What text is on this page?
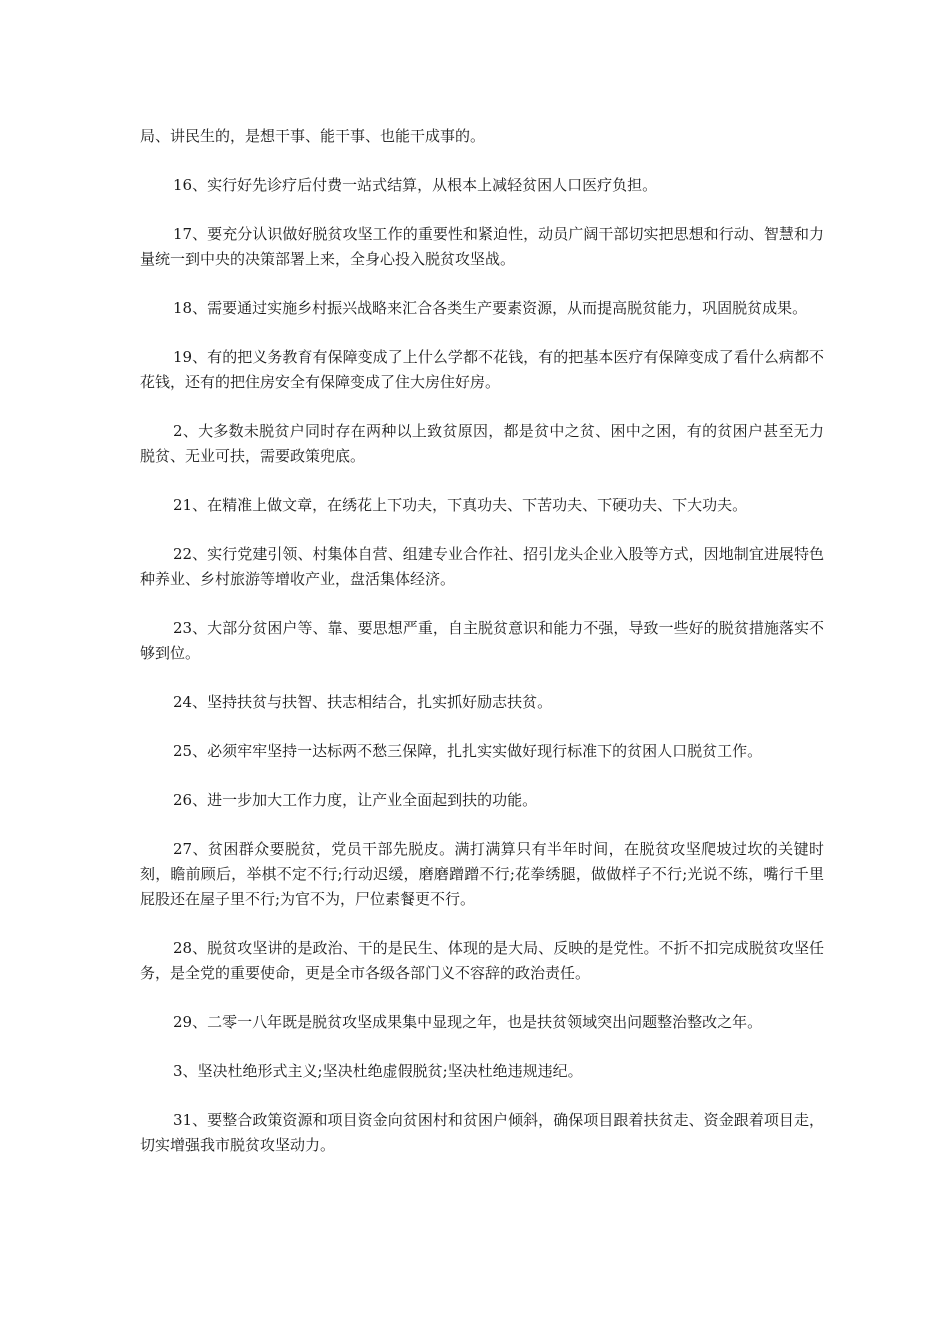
局、讲民生的，是想干事、能干事、也能干成事的。

16、实行好先诊疗后付费一站式结算，从根本上减轻贫困人口医疗负担。

17、要充分认识做好脱贫攻坚工作的重要性和紧迫性，动员广阔干部切实把思想和行动、智慧和力量统一到中央的决策部署上来，全身心投入脱贫攻坚战。

18、需要通过实施乡村振兴战略来汇合各类生产要素资源，从而提高脱贫能力，巩固脱贫成果。

19、有的把义务教育有保障变成了上什么学都不花钱，有的把基本医疗有保障变成了看什么病都不花钱，还有的把住房安全有保障变成了住大房住好房。

2、大多数未脱贫户同时存在两种以上致贫原因，都是贫中之贫、困中之困，有的贫困户甚至无力脱贫、无业可扶，需要政策兜底。

21、在精准上做文章，在绣花上下功夫，下真功夫、下苦功夫、下硬功夫、下大功夫。

22、实行党建引领、村集体自营、组建专业合作社、招引龙头企业入股等方式，因地制宜进展特色种养业、乡村旅游等增收产业，盘活集体经济。

23、大部分贫困户等、靠、要思想严重，自主脱贫意识和能力不强，导致一些好的脱贫措施落实不够到位。

24、坚持扶贫与扶智、扶志相结合，扎实抓好励志扶贫。

25、必须牢牢坚持一达标两不愁三保障，扎扎实实做好现行标准下的贫困人口脱贫工作。

26、进一步加大工作力度，让产业全面起到扶的功能。

27、贫困群众要脱贫，党员干部先脱皮。满打满算只有半年时间，在脱贫攻坚爬坡过坎的关键时刻，瞻前顾后，举棋不定不行;行动迟缓，磨磨蹭蹭不行;花拳绣腿，做做样子不行;光说不练，嘴行千里屁股还在屋子里不行;为官不为，尸位素餐更不行。

28、脱贫攻坚讲的是政治、干的是民生、体现的是大局、反映的是党性。不折不扣完成脱贫攻坚任务，是全党的重要使命，更是全市各级各部门义不容辞的政治责任。

29、二零一八年既是脱贫攻坚成果集中显现之年，也是扶贫领域突出问题整治整改之年。

3、坚决杜绝形式主义;坚决杜绝虚假脱贫;坚决杜绝违规违纪。

31、要整合政策资源和项目资金向贫困村和贫困户倾斜，确保项目跟着扶贫走、资金跟着项目走，切实增强我市脱贫攻坚动力。
